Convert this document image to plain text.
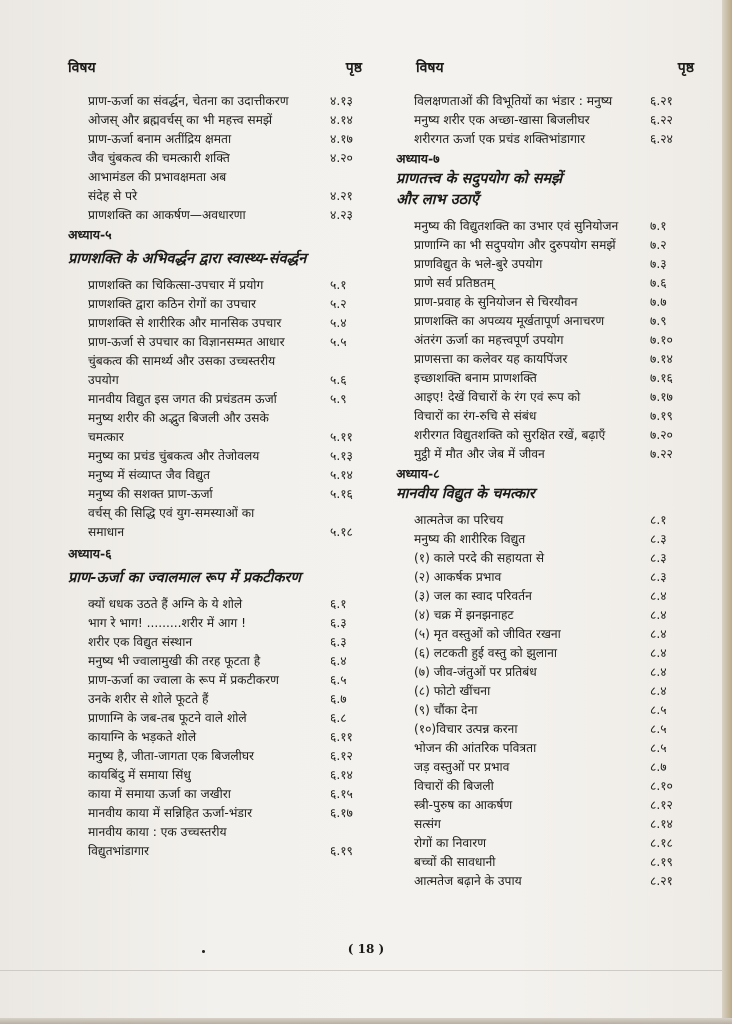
विषय	पृष्ठ
प्राण-ऊर्जा का संवर्द्धन, चेतना का उदात्तीकरण	४.१३
ओजस् और ब्रह्मवर्चस् का भी महत्त्व समझें	४.१४
प्राण-ऊर्जा बनाम अतींद्रिय क्षमता	४.१७
जैव चुंबकत्व की चमत्कारी शक्ति	४.२०
आभामंडल की प्रभावक्षमता अब
संदेह से परे	४.२१
प्राणशक्ति का आकर्षण—अवधारणा	४.२३
अध्याय-५
प्राणशक्ति के अभिवर्द्धन द्वारा स्वास्थ्य-संवर्द्धन
प्राणशक्ति का चिकित्सा-उपचार में प्रयोग	५.१
प्राणशक्ति द्वारा कठिन रोगों का उपचार	५.२
प्राणशक्ति से शारीरिक और मानसिक उपचार	५.४
प्राण-ऊर्जा से उपचार का विज्ञानसम्मत आधार	५.५
चुंबकत्व की सामर्थ्य और उसका उच्चस्तरीय
उपयोग	५.६
मानवीय विद्युत इस जगत की प्रचंडतम ऊर्जा	५.९
मनुष्य शरीर की अद्भुत बिजली और उसके
चमत्कार	५.११
मनुष्य का प्रचंड चुंबकत्व और तेजोवलय	५.१३
मनुष्य में संव्याप्त जैव विद्युत	५.१४
मनुष्य की सशक्त प्राण-ऊर्जा	५.१६
वर्चस् की सिद्धि एवं युग-समस्याओं का
समाधान	५.१८
अध्याय-६
प्राण-ऊर्जा का ज्वालमाल रूप में प्रकटीकरण
क्यों धधक उठते हैं अग्नि के ये शोले	६.१
भाग रे भाग! .........शरीर में आग !	६.३
शरीर एक विद्युत संस्थान	६.३
मनुष्य भी ज्वालामुखी की तरह फूटता है	६.४
प्राण-ऊर्जा का ज्वाला के रूप में प्रकटीकरण	६.५
उनके शरीर से शोले फूटते हैं	६.७
प्राणाग्नि के जब-तब फूटने वाले शोले	६.८
कायाग्नि के भड़कते शोले	६.११
मनुष्य है, जीता-जागता एक बिजलीघर	६.१२
कायबिंदु में समाया सिंधु	६.१४
काया में समाया ऊर्जा का जखीरा	६.१५
मानवीय काया में सन्निहित ऊर्जा-भंडार	६.१७
मानवीय काया : एक उच्चस्तरीय
विद्युतभांडागार	६.१९
विषय	पृष्ठ
विलक्षणताओं की विभूतियों का भंडार : मनुष्य	६.२१
मनुष्य शरीर एक अच्छा-खासा बिजलीघर	६.२२
शरीरगत ऊर्जा एक प्रचंड शक्तिभांडागार	६.२४
अध्याय-७
प्राणतत्त्व के सदुपयोग को समझें
और लाभ उठाएँ
मनुष्य की विद्युतशक्ति का उभार एवं सुनियोजन	७.१
प्राणाग्नि का भी सदुपयोग और दुरुपयोग समझें	७.२
प्राणविद्युत के भले-बुरे उपयोग	७.३
प्राणे सर्व प्रतिष्ठतम्	७.६
प्राण-प्रवाह के सुनियोजन से चिरयौवन	७.७
प्राणशक्ति का अपव्यय मूर्खतापूर्ण अनाचरण	७.९
अंतरंग ऊर्जा का महत्त्वपूर्ण उपयोग	७.१०
प्राणसत्ता का कलेवर यह कायपिंजर	७.१४
इच्छाशक्ति बनाम प्राणशक्ति	७.१६
आइए! देखें विचारों के रंग एवं रूप को	७.१७
विचारों का रंग-रुचि से संबंध	७.१९
शरीरगत विद्युतशक्ति को सुरक्षित रखें, बढ़ाएँ	७.२०
मुट्ठी में मौत और जेब में जीवन	७.२२
अध्याय-८
मानवीय विद्युत के चमत्कार
आत्मतेज का परिचय	८.१
मनुष्य की शारीरिक विद्युत	८.३
(१) काले परदे की सहायता से	८.३
(२) आकर्षक प्रभाव	८.३
(३) जल का स्वाद परिवर्तन	८.४
(४) चक्र में झनझनाहट	८.४
(५) मृत वस्तुओं को जीवित रखना	८.४
(६) लटकती हुई वस्तु को झुलाना	८.४
(७) जीव-जंतुओं पर प्रतिबंध	८.४
(८) फोटो खींचना	८.४
(९) चौंका देना	८.५
(१०)विचार उत्पन्न करना	८.५
भोजन की आंतरिक पवित्रता	८.५
जड़ वस्तुओं पर प्रभाव	८.७
विचारों की बिजली	८.१०
स्त्री-पुरुष का आकर्षण	८.१२
सत्संग	८.१४
रोगों का निवारण	८.१८
बच्चों की सावधानी	८.१९
आत्मतेज बढ़ाने के उपाय	८.२१
( 18 )
